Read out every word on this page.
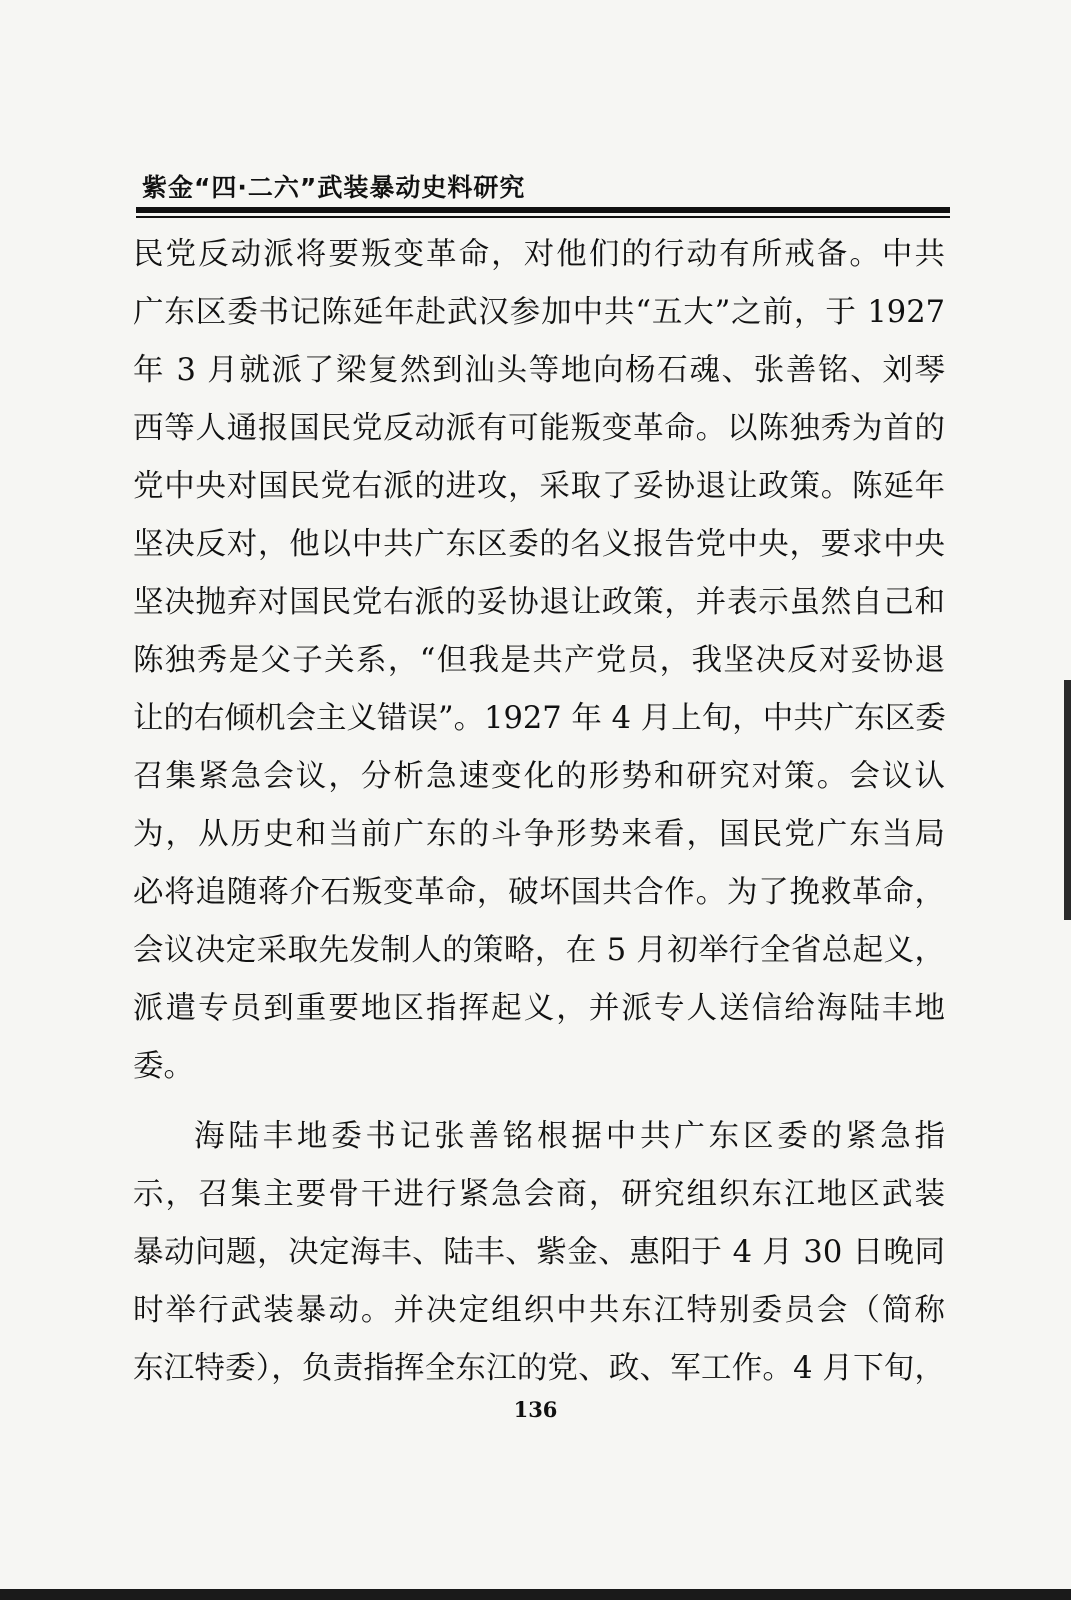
紫金“四·二六”武装暴动史料研究
民党反动派将要叛变革命，对他们的行动有所戒备。中共
广东区委书记陈延年赴武汉参加中共“五大”之前，于 1927
年 3 月就派了梁复然到汕头等地向杨石魂、张善铭、刘琴
西等人通报国民党反动派有可能叛变革命。以陈独秀为首的
党中央对国民党右派的进攻，采取了妥协退让政策。陈延年
坚决反对，他以中共广东区委的名义报告党中央，要求中央
坚决抛弃对国民党右派的妥协退让政策，并表示虽然自己和
陈独秀是父子关系，“但我是共产党员，我坚决反对妥协退
让的右倾机会主义错误”。1927 年 4 月上旬，中共广东区委
召集紧急会议，分析急速变化的形势和研究对策。会议认
为，从历史和当前广东的斗争形势来看，国民党广东当局
必将追随蒋介石叛变革命，破坏国共合作。为了挽救革命，
会议决定采取先发制人的策略，在 5 月初举行全省总起义，
派遣专员到重要地区指挥起义，并派专人送信给海陆丰地
委。
海陆丰地委书记张善铭根据中共广东区委的紧急指
示，召集主要骨干进行紧急会商，研究组织东江地区武装
暴动问题，决定海丰、陆丰、紫金、惠阳于 4 月 30 日晚同
时举行武装暴动。并决定组织中共东江特别委员会（简称
东江特委），负责指挥全东江的党、政、军工作。4 月下旬，
136
